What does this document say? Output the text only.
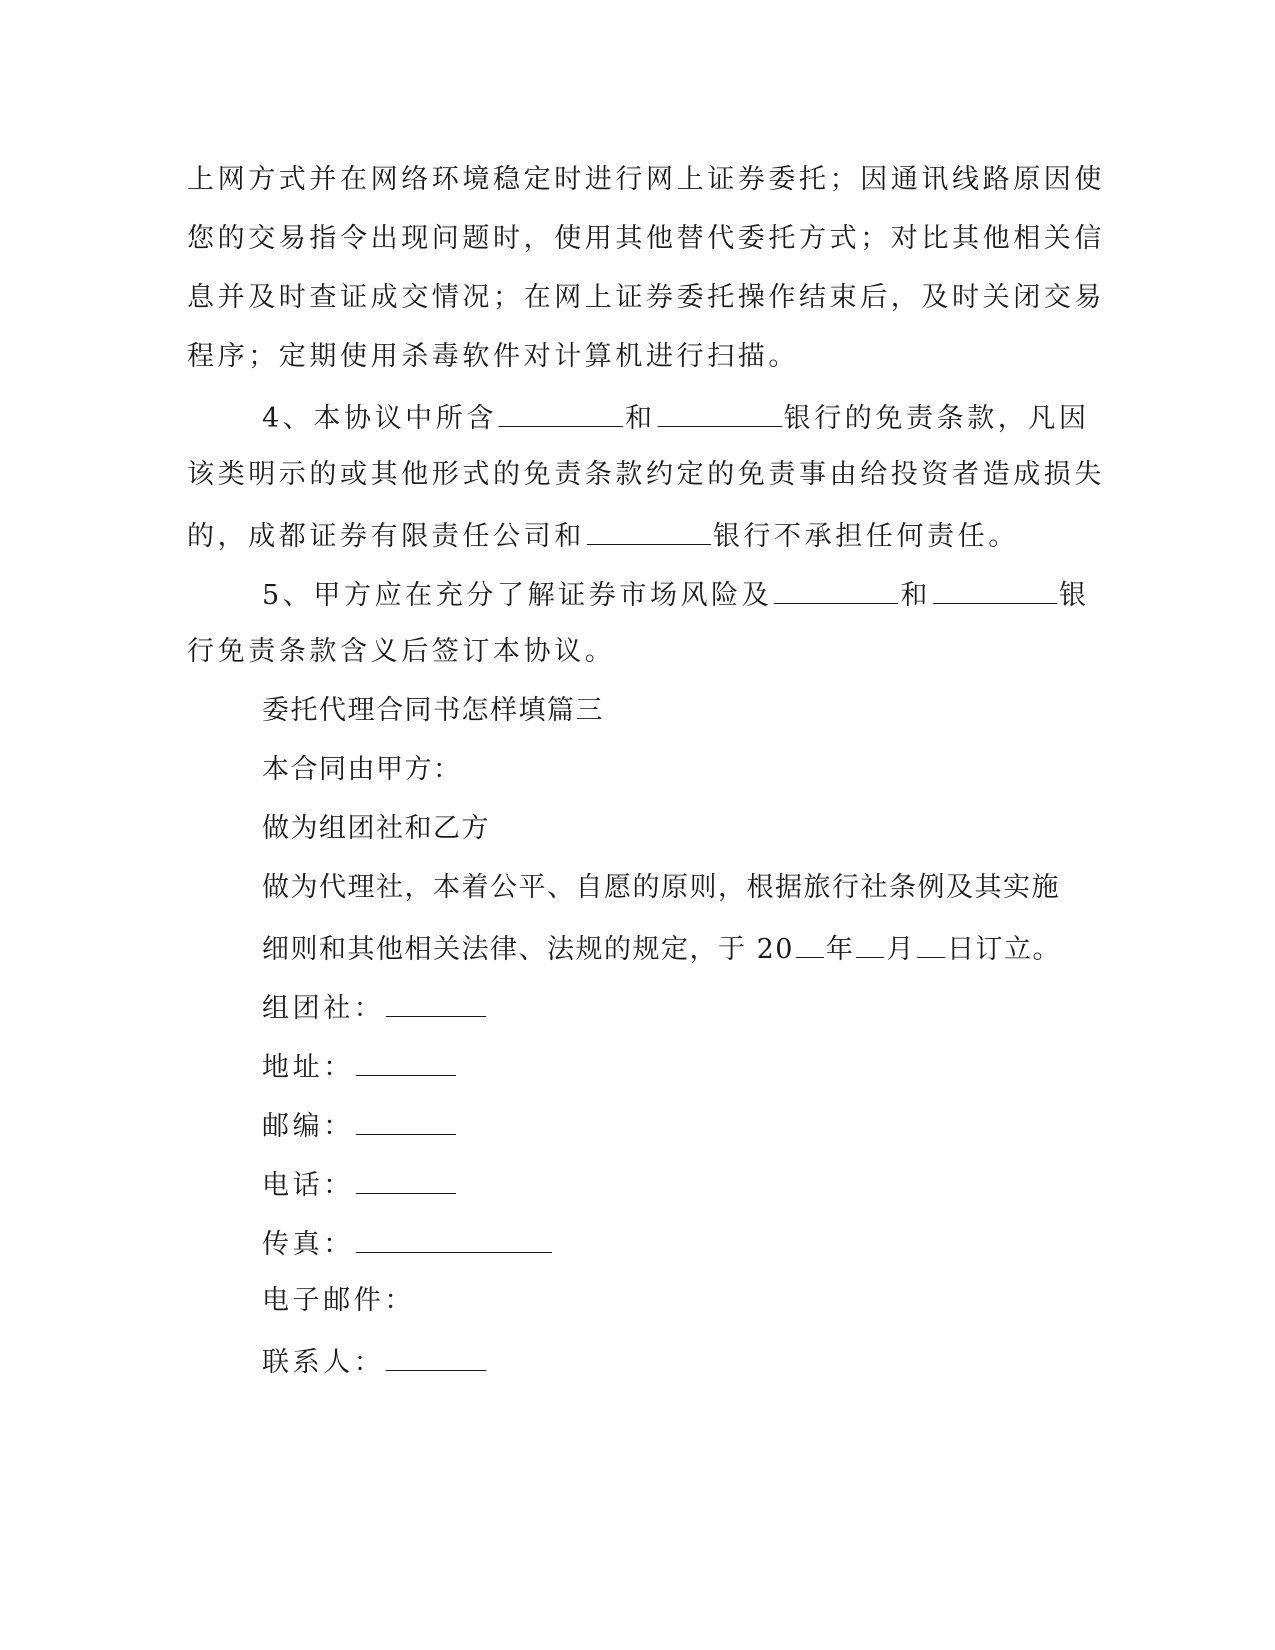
上网方式并在网络环境稳定时进行网上证券委托；因通讯线路原因使
您的交易指令出现问题时，使用其他替代委托方式；对比其他相关信
息并及时查证成交情况；在网上证券委托操作结束后，及时关闭交易
程序；定期使用杀毒软件对计算机进行扫描。
4、本协议中所含	和	银行的免责条款，凡因
该类明示的或其他形式的免责条款约定的免责事由给投资者造成损失
的，成都证券有限责任公司和	银行不承担任何责任。
5、甲方应在充分了解证券市场风险及	和	银
行免责条款含义后签订本协议。
委托代理合同书怎样填篇三
本合同由甲方：
做为组团社和乙方
做为代理社，本着公平、自愿的原则，根据旅行社条例及其实施
细则和其他相关法律、法规的规定，于 20 年 月 日订立。
组团社：
地址：
邮编：
电话：
传真：
电子邮件：
联系人：
